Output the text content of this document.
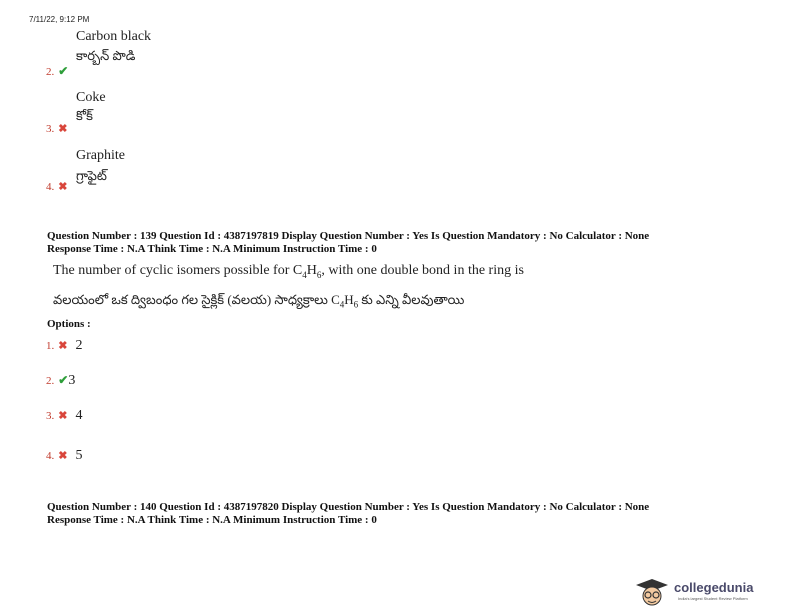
7/11/22, 9:12 PM
Carbon black
2. ✔
కార్బన్ పొడి
Coke
3. ✖
కోక్
Graphite
4. ✖
గ్రాఫైట్
Question Number : 139 Question Id : 4387197819 Display Question Number : Yes Is Question Mandatory : No Calculator : None
Response Time : N.A Think Time : N.A Minimum Instruction Time : 0
The number of cyclic isomers possible for $C_4H_6$, with one double bond in the ring is
వలయంలో ఒక ద్విబంధం గల సైక్లిక్ (వలయ) సాధ్యక్రాలు $C_4H_6$ కు ఎన్ని వీలవుతాయి
Options :
1. ✖ 2
2. ✔3
3. ✖ 4
4. ✖ 5
Question Number : 140 Question Id : 4387197820 Display Question Number : Yes Is Question Mandatory : No Calculator : None
Response Time : N.A Think Time : N.A Minimum Instruction Time : 0
collegedunia
India's largest Student Review Platform
